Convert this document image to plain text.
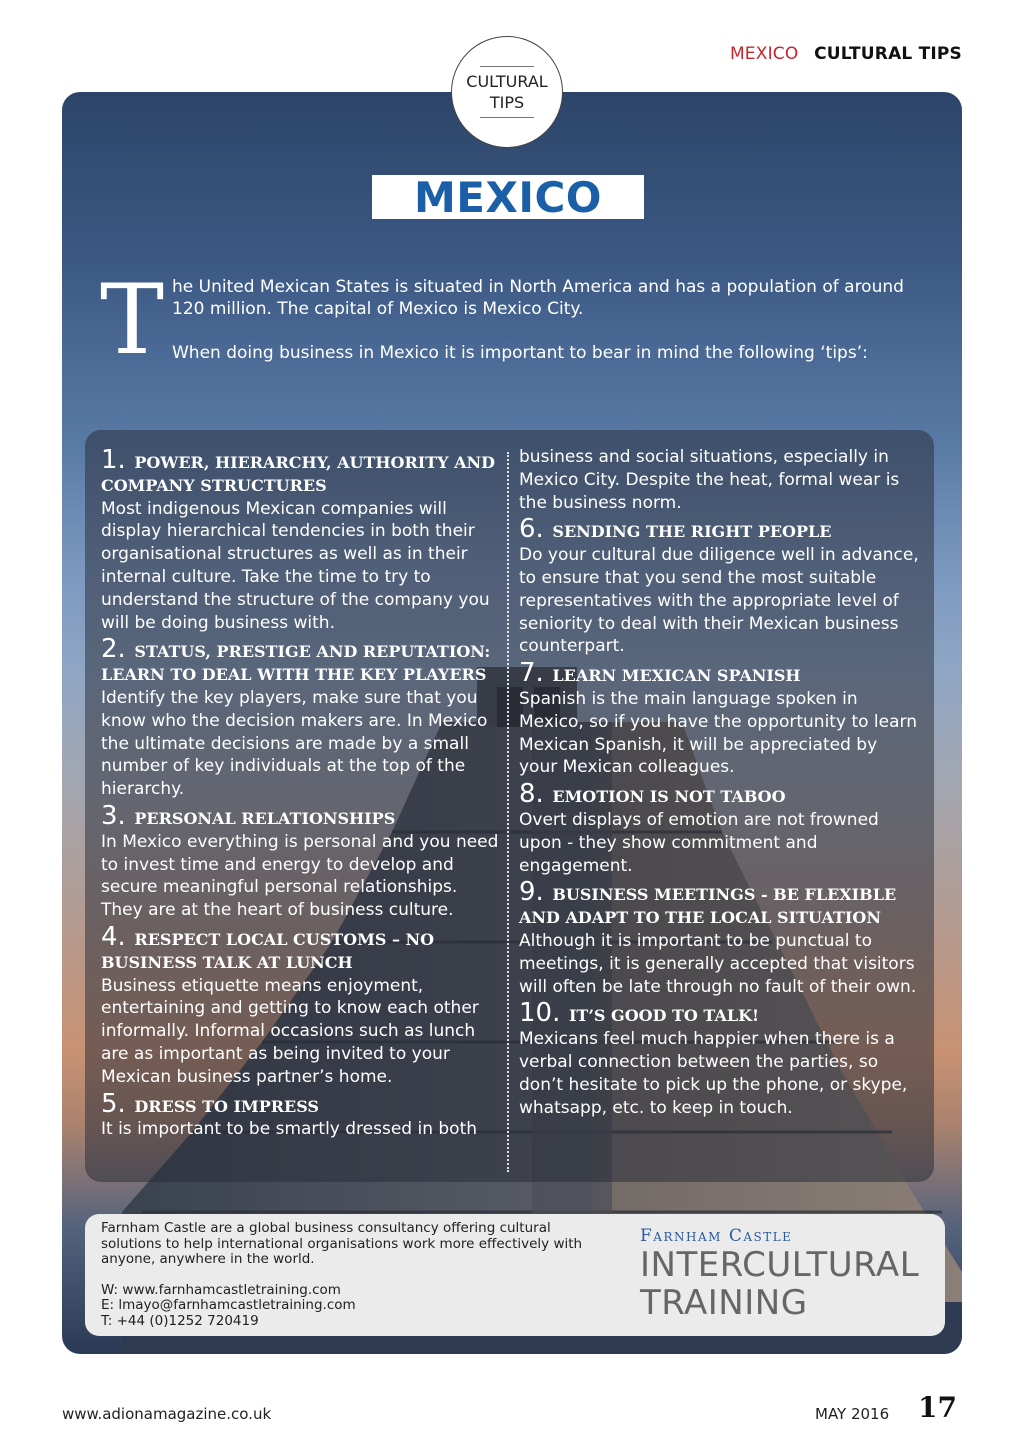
MEXICO CULTURAL TIPS
CULTURAL
TIPS
MEXICO
T he United Mexican States is situated in North America and has a population of around 120 million. The capital of Mexico is Mexico City.

When doing business in Mexico it is important to bear in mind the following ‘tips’:

1. POWER, HIERARCHY, AUTHORITY AND COMPANY STRUCTURES
Most indigenous Mexican companies will display hierarchical tendencies in both their organisational structures as well as in their internal culture. Take the time to try to understand the structure of the company you will be doing business with.
2. STATUS, PRESTIGE AND REPUTATION: LEARN TO DEAL WITH THE KEY PLAYERS
Identify the key players, make sure that you know who the decision makers are. In Mexico the ultimate decisions are made by a small number of key individuals at the top of the hierarchy.
3. PERSONAL RELATIONSHIPS
In Mexico everything is personal and you need to invest time and energy to develop and secure meaningful personal relationships. They are at the heart of business culture.
4. RESPECT LOCAL CUSTOMS – NO BUSINESS TALK AT LUNCH
Business etiquette means enjoyment, entertaining and getting to know each other informally. Informal occasions such as lunch are as important as being invited to your Mexican business partner’s home.
5. DRESS TO IMPRESS
It is important to be smartly dressed in both
business and social situations, especially in Mexico City. Despite the heat, formal wear is the business norm.
6. SENDING THE RIGHT PEOPLE
Do your cultural due diligence well in advance, to ensure that you send the most suitable representatives with the appropriate level of seniority to deal with their Mexican business counterpart.
7. LEARN MEXICAN SPANISH
Spanish is the main language spoken in Mexico, so if you have the opportunity to learn Mexican Spanish, it will be appreciated by your Mexican colleagues.
8. EMOTION IS NOT TABOO
Overt displays of emotion are not frowned upon - they show commitment and engagement.
9. BUSINESS MEETINGS - BE FLEXIBLE AND ADAPT TO THE LOCAL SITUATION
Although it is important to be punctual to meetings, it is generally accepted that visitors will often be late through no fault of their own.
10. IT’S GOOD TO TALK!
Mexicans feel much happier when there is a verbal connection between the parties, so don’t hesitate to pick up the phone, or skype, whatsapp, etc. to keep in touch.
Farnham Castle are a global business consultancy offering cultural solutions to help international organisations work more effectively with anyone, anywhere in the world.
W: www.farnhamcastletraining.com
E: lmayo@farnhamcastletraining.com
T: +44 (0)1252 720419
Farnham Castle
INTERCULTURAL
TRAINING
www.adionamagazine.co.uk	MAY 2016 17
